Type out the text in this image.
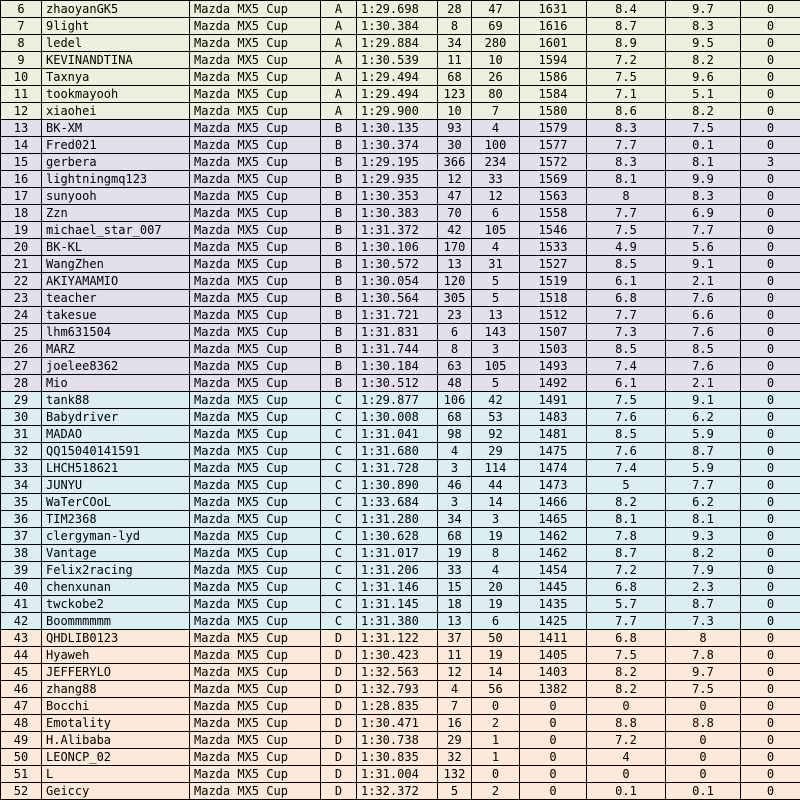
6	zhaoyanGK5	Mazda MX5 Cup	A	1:29.698	28	47	1631	8.4	9.7	0
7	9light	Mazda MX5 Cup	A	1:30.384	8	69	1616	8.7	8.3	0
8	ledel	Mazda MX5 Cup	A	1:29.884	34	280	1601	8.9	9.5	0
9	KEVINANDTINA	Mazda MX5 Cup	A	1:30.539	11	10	1594	7.2	8.2	0
10	Taxnya	Mazda MX5 Cup	A	1:29.494	68	26	1586	7.5	9.6	0
11	tookmayooh	Mazda MX5 Cup	A	1:29.494	123	80	1584	7.1	5.1	0
12	xiaohei	Mazda MX5 Cup	A	1:29.900	10	7	1580	8.6	8.2	0
13	BK-XM	Mazda MX5 Cup	B	1:30.135	93	4	1579	8.3	7.5	0
14	Fred021	Mazda MX5 Cup	B	1:30.374	30	100	1577	7.7	0.1	0
15	gerbera	Mazda MX5 Cup	B	1:29.195	366	234	1572	8.3	8.1	3
16	lightningmq123	Mazda MX5 Cup	B	1:29.935	12	33	1569	8.1	9.9	0
17	sunyooh	Mazda MX5 Cup	B	1:30.353	47	12	1563	8	8.3	0
18	Zzn	Mazda MX5 Cup	B	1:30.383	70	6	1558	7.7	6.9	0
19	michael_star_007	Mazda MX5 Cup	B	1:31.372	42	105	1546	7.5	7.7	0
20	BK-KL	Mazda MX5 Cup	B	1:30.106	170	4	1533	4.9	5.6	0
21	WangZhen	Mazda MX5 Cup	B	1:30.572	13	31	1527	8.5	9.1	0
22	AKIYAMAMIO	Mazda MX5 Cup	B	1:30.054	120	5	1519	6.1	2.1	0
23	teacher	Mazda MX5 Cup	B	1:30.564	305	5	1518	6.8	7.6	0
24	takesue	Mazda MX5 Cup	B	1:31.721	23	13	1512	7.7	6.6	0
25	lhm631504	Mazda MX5 Cup	B	1:31.831	6	143	1507	7.3	7.6	0
26	MARZ	Mazda MX5 Cup	B	1:31.744	8	3	1503	8.5	8.5	0
27	joelee8362	Mazda MX5 Cup	B	1:30.184	63	105	1493	7.4	7.6	0
28	Mio	Mazda MX5 Cup	B	1:30.512	48	5	1492	6.1	2.1	0
29	tank88	Mazda MX5 Cup	C	1:29.877	106	42	1491	7.5	9.1	0
30	Babydriver	Mazda MX5 Cup	C	1:30.008	68	53	1483	7.6	6.2	0
31	MADAO	Mazda MX5 Cup	C	1:31.041	98	92	1481	8.5	5.9	0
32	QQ15040141591	Mazda MX5 Cup	C	1:31.680	4	29	1475	7.6	8.7	0
33	LHCH518621	Mazda MX5 Cup	C	1:31.728	3	114	1474	7.4	5.9	0
34	JUNYU	Mazda MX5 Cup	C	1:30.890	46	44	1473	5	7.7	0
35	WaTerCOoL	Mazda MX5 Cup	C	1:33.684	3	14	1466	8.2	6.2	0
36	TIM2368	Mazda MX5 Cup	C	1:31.280	34	3	1465	8.1	8.1	0
37	clergyman-lyd	Mazda MX5 Cup	C	1:30.628	68	19	1462	7.8	9.3	0
38	Vantage	Mazda MX5 Cup	C	1:31.017	19	8	1462	8.7	8.2	0
39	Felix2racing	Mazda MX5 Cup	C	1:31.206	33	4	1454	7.2	7.9	0
40	chenxunan	Mazda MX5 Cup	C	1:31.146	15	20	1445	6.8	2.3	0
41	twckobe2	Mazda MX5 Cup	C	1:31.145	18	19	1435	5.7	8.7	0
42	Boommmmmm	Mazda MX5 Cup	C	1:31.380	13	6	1425	7.7	7.3	0
43	QHDLIB0123	Mazda MX5 Cup	D	1:31.122	37	50	1411	6.8	8	0
44	Hyaweh	Mazda MX5 Cup	D	1:30.423	11	19	1405	7.5	7.8	0
45	JEFFERYLO	Mazda MX5 Cup	D	1:32.563	12	14	1403	8.2	9.7	0
46	zhang88	Mazda MX5 Cup	D	1:32.793	4	56	1382	8.2	7.5	0
47	Bocchi	Mazda MX5 Cup	D	1:28.835	7	0	0	0	0	0
48	Emotality	Mazda MX5 Cup	D	1:30.471	16	2	0	8.8	8.8	0
49	H.Alibaba	Mazda MX5 Cup	D	1:30.738	29	1	0	7.2	0	0
50	LEONCP_02	Mazda MX5 Cup	D	1:30.835	32	1	0	4	0	0
51	L	Mazda MX5 Cup	D	1:31.004	132	0	0	0	0	0
52	Geiccy	Mazda MX5 Cup	D	1:32.372	5	2	0	0.1	0.1	0
